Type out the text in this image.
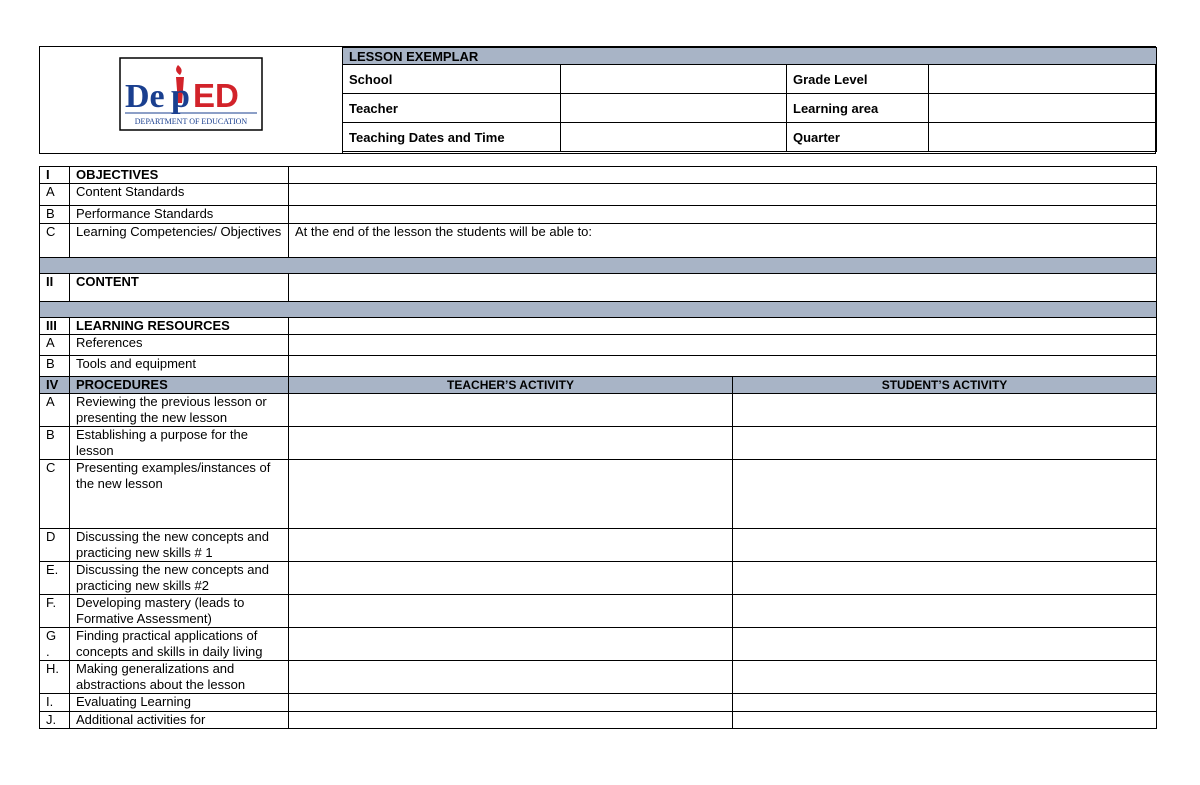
De p ED
DEPARTMENT OF EDUCATION
LESSON EXEMPLAR			
School		Grade Level	
Teacher		Learning area	
Teaching Dates and Time		Quarter	
I	OBJECTIVES		
A	Content Standards		
B	Performance Standards		
C	Learning Competencies/ Objectives	At the end of the lesson the students will be able to:	

II	CONTENT		

III	LEARNING RESOURCES		
A	References		
B	Tools and equipment		
IV	PROCEDURES	TEACHER’S ACTIVITY	STUDENT’S ACTIVITY
A	Reviewing the previous lesson or presenting the new lesson		
B	Establishing a purpose for the lesson		
C	Presenting examples/instances of the new lesson		
D	Discussing the new concepts and practicing new skills # 1		
E.	Discussing the new concepts and practicing new skills #2		
F.	Developing mastery (leads to Formative Assessment)		
G .	Finding practical applications of concepts and skills in daily living		
H.	Making generalizations and abstractions about the lesson		
I.	Evaluating Learning		
J.	Additional activities for		
